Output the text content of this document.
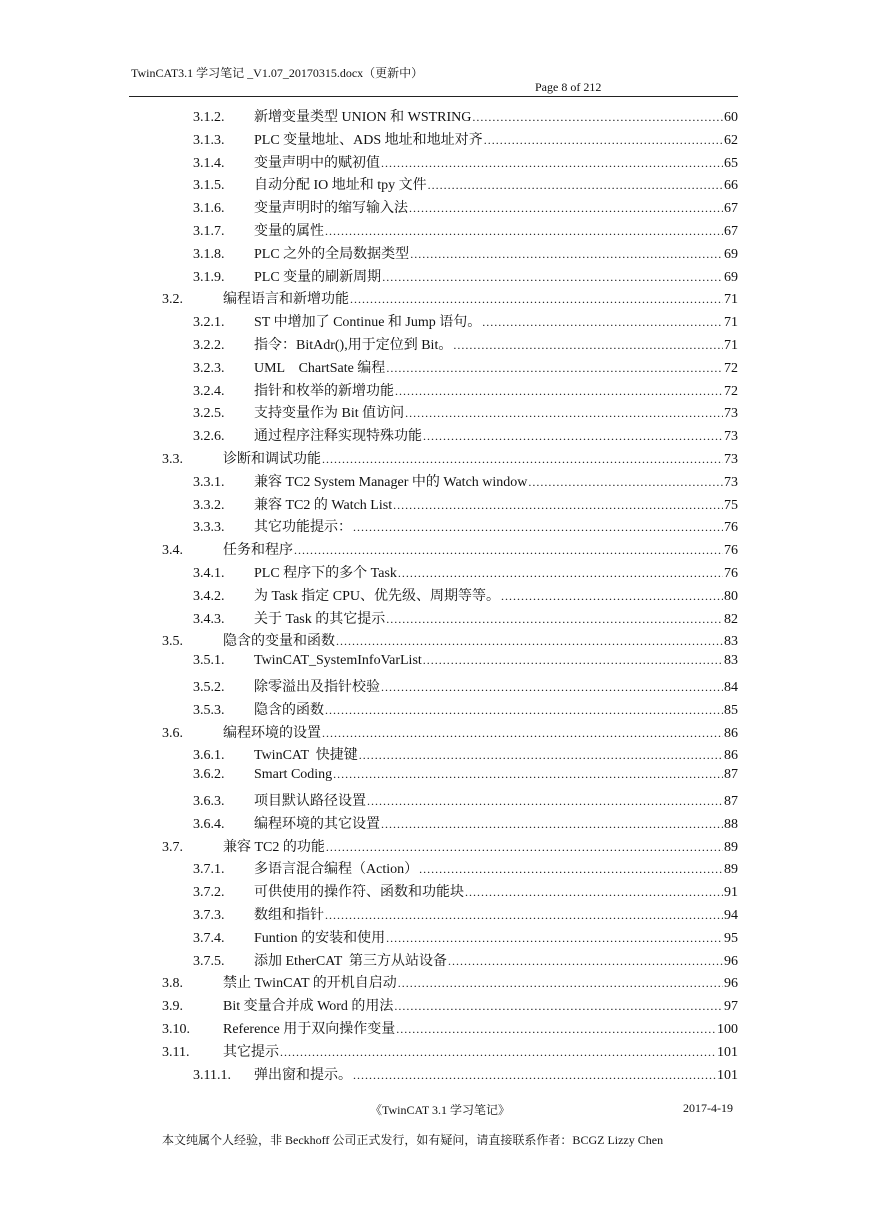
TwinCAT3.1 学习笔记 _V1.07_20170315.docx（更新中）
Page 8 of 212
3.1.2.	新增变量类型 UNION 和 WSTRING .....	60
3.1.3.	PLC 变量地址、ADS 地址和地址对齐 .....	62
3.1.4.	变量声明中的赋初值 .....	65
3.1.5.	自动分配 IO 地址和 tpy 文件 .....	66
3.1.6.	变量声明时的缩写输入法 .....	67
3.1.7.	变量的属性 .....	67
3.1.8.	PLC 之外的全局数据类型 .....	69
3.1.9.	PLC 变量的刷新周期 .....	69
3.2.	编程语言和新增功能 .....	71
3.2.1.	ST 中增加了 Continue 和 Jump 语句。 .....	71
3.2.2.	指令：BitAdr(),用于定位到 Bit。 .....	71
3.2.3.	UML    ChartSate 编程 .....	72
3.2.4.	指针和枚举的新增功能 .....	72
3.2.5.	支持变量作为 Bit 值访问 .....	73
3.2.6.	通过程序注释实现特殊功能 .....	73
3.3.	诊断和调试功能 .....	73
3.3.1.	兼容 TC2 System Manager 中的 Watch window .....	73
3.3.2.	兼容 TC2 的 Watch List .....	75
3.3.3.	其它功能提示： .....	76
3.4.	任务和程序 .....	76
3.4.1.	PLC 程序下的多个 Task .....	76
3.4.2.	为 Task 指定 CPU、优先级、周期等等。 .....	80
3.4.3.	关于 Task 的其它提示 .....	82
3.5.	隐含的变量和函数 .....	83
3.5.1.	TwinCAT_SystemInfoVarList .....	83
3.5.2.	除零溢出及指针校验 .....	84
3.5.3.	隐含的函数 .....	85
3.6.	编程环境的设置 .....	86
3.6.1.	TwinCAT  快捷键 .....	86
3.6.2.	Smart Coding .....	87
3.6.3.	项目默认路径设置 .....	87
3.6.4.	编程环境的其它设置 .....	88
3.7.	兼容 TC2 的功能 .....	89
3.7.1.	多语言混合编程（Action） .....	89
3.7.2.	可供使用的操作符、函数和功能块 .....	91
3.7.3.	数组和指针 .....	94
3.7.4.	Funtion 的安装和使用 .....	95
3.7.5.	添加 EtherCAT  第三方从站设备 .....	96
3.8.	禁止 TwinCAT 的开机自启动 .....	96
3.9.	Bit 变量合并成 Word 的用法 .....	97
3.10.	Reference 用于双向操作变量 .....	100
3.11.	其它提示 .....	101
3.11.1.	弹出窗和提示。 .....	101
《TwinCAT 3.1 学习笔记》	2017-4-19
本文纯属个人经验，非 Beckhoff 公司正式发行，如有疑问，请直接联系作者：BCGZ Lizzy Chen
